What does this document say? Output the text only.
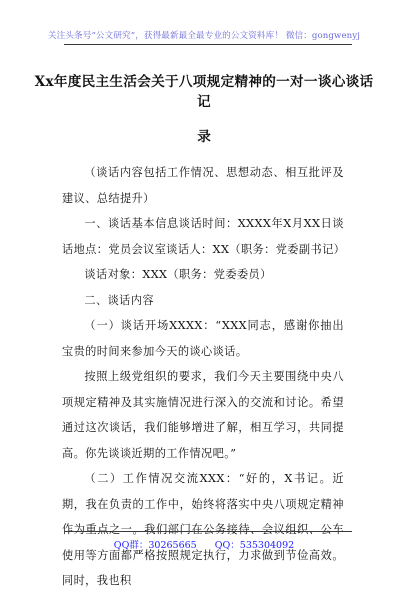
关注头条号“公文研究”，获得最新最全最专业的公文资料库！ 微信：gongwenyj
Xx年度民主生活会关于八项规定精神的一对一谈心谈话记
录

（谈话内容包括工作情况、思想动态、相互批评及建议、总结提升）

一、谈话基本信息谈话时间：XXXX年X月XX日谈话地点：党员会议室谈话人：XX（职务：党委副书记）

谈话对象：XXX（职务：党委委员）

二、谈话内容

（一）谈话开场XXXX：“XXX同志，感谢你抽出宝贵的时间来参加今天的谈心谈话。

按照上级党组织的要求，我们今天主要围绕中央八项规定精神及其实施情况进行深入的交流和讨论。希望通过这次谈话，我们能够增进了解，相互学习，共同提高。你先谈谈近期的工作情况吧。”

（二）工作情况交流XXX：“好的，X书记。近期，我在负责的工作中，始终将落实中央八项规定精神作为重点之一。我们部门在公务接待、会议组织、公车使用等方面都严格按照规定执行，力求做到节俭高效。同时，我也积

QQ群：30265665 QQ：535304092
